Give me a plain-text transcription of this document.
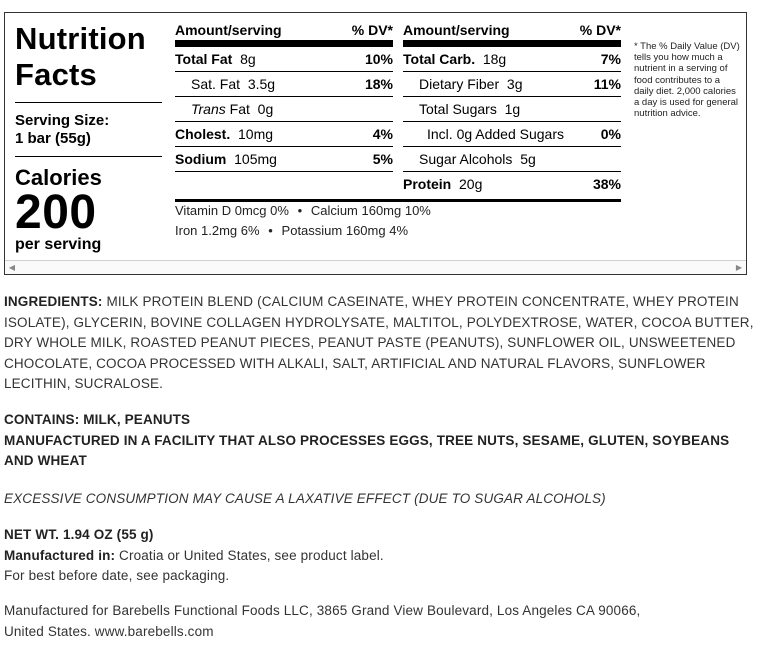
Nutrition
Facts
Serving Size:
1 bar (55g)
Calories
200
per serving
Amount/serving	% DV*
Total Fat 8g	10%
Sat. Fat 3.5g	18%
Trans Fat 0g
Cholest. 10mg	4%
Sodium 105mg	5%
Amount/serving	% DV*
Total Carb. 18g	7%
Dietary Fiber 3g	11%
Total Sugars 1g
Incl. 0g Added Sugars	0%
Sugar Alcohols 5g
Protein 20g	38%
Vitamin D 0mcg 0% • Calcium 160mg 10%
Iron 1.2mg 6% • Potassium 160mg 4%
* The % Daily Value (DV) tells you how much a nutrient in a serving of food contributes to a daily diet. 2,000 calories a day is used for general nutrition advice.
◀	▶
INGREDIENTS: MILK PROTEIN BLEND (CALCIUM CASEINATE, WHEY PROTEIN CONCENTRATE, WHEY PROTEIN ISOLATE), GLYCERIN, BOVINE COLLAGEN HYDROLYSATE, MALTITOL, POLYDEXTROSE, WATER, COCOA BUTTER, DRY WHOLE MILK, ROASTED PEANUT PIECES, PEANUT PASTE (PEANUTS), SUNFLOWER OIL, UNSWEETENED CHOCOLATE, COCOA PROCESSED WITH ALKALI, SALT, ARTIFICIAL AND NATURAL FLAVORS, SUNFLOWER LECITHIN, SUCRALOSE.
CONTAINS: MILK, PEANUTS
MANUFACTURED IN A FACILITY THAT ALSO PROCESSES EGGS, TREE NUTS, SESAME, GLUTEN, SOYBEANS AND WHEAT
EXCESSIVE CONSUMPTION MAY CAUSE A LAXATIVE EFFECT (DUE TO SUGAR ALCOHOLS)
NET WT. 1.94 OZ (55 g)
Manufactured in: Croatia or United States, see product label.
For best before date, see packaging.
Manufactured for Barebells Functional Foods LLC, 3865 Grand View Boulevard, Los Angeles CA 90066,
United States. www.barebells.com
